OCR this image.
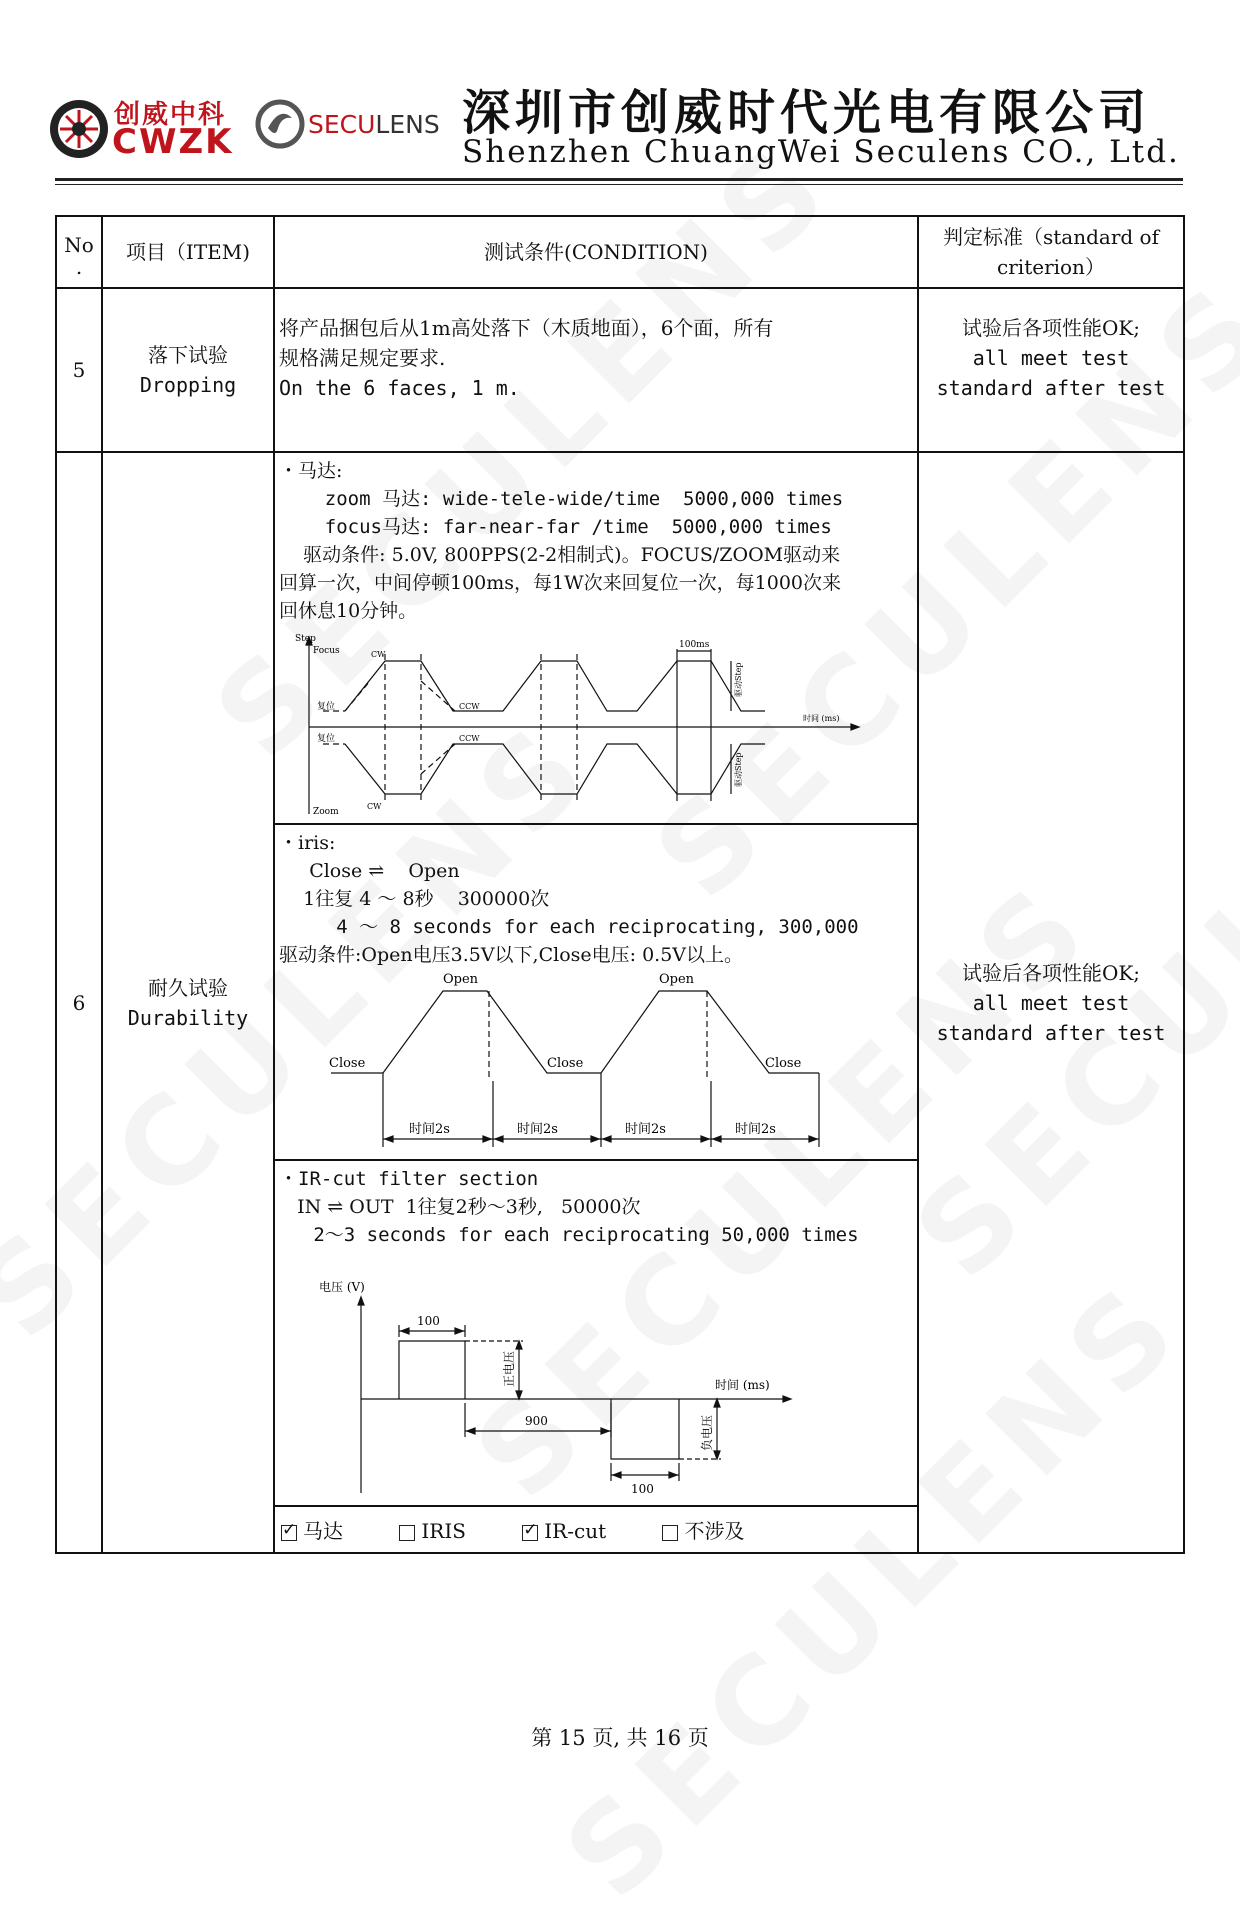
创威中科
CWZK	SECULENS 深圳市创威时代光电有限公司
Shenzhen ChuangWei Seculens CO., Ltd.
No
.
	项目（ITEM)	测试条件(CONDITION)	
判定标准（standard of
criterion）

5	
落下试验
Dropping

将产品捆包后从1m高处落下（木质地面），6个面，所有
规格满足规定要求.
On the 6 faces, 1 m.

试验后各项性能OK;
all meet test
standard after test

6	
耐久试验
Durability

・马达:

zoom 马达: wide-tele-wide/time  5000,000 times

focus马达: far-near-far /time  5000,000 times

驱动条件: 5.0V, 800PPS(2-2相制式)。FOCUS/ZOOM驱动来

回算一次，中间停顿100ms，每1W次来回复位一次，每1000次来

回休息10分钟。

Step
Focus
Zoom
CW
CW
CCW
CCW
复位
复位
100ms
时间 (ms)
驱动Step
驱动Step

・iris:

Close ⇌    Open

1往复 4 ～ 8秒    300000次

4 ～ 8 seconds for each reciprocating, 300,000

驱动条件:Open电压3.5V以下,Close电压: 0.5V以上。

Open	Open
Close	Close	Close
时间2s	时间2s	时间2s	时间2s

・IR-cut filter section

IN ⇌ OUT  1往复2秒～3秒,   50000次

2～3 seconds for each reciprocating 50,000 times

电压 (V)
时间 (ms)
100
900
100
正电压
负电压
✓马达	IRIS ✓	IR-cut	不涉及

试验后各项性能OK;
all meet test
standard after test
第 15 页, 共 16 页
